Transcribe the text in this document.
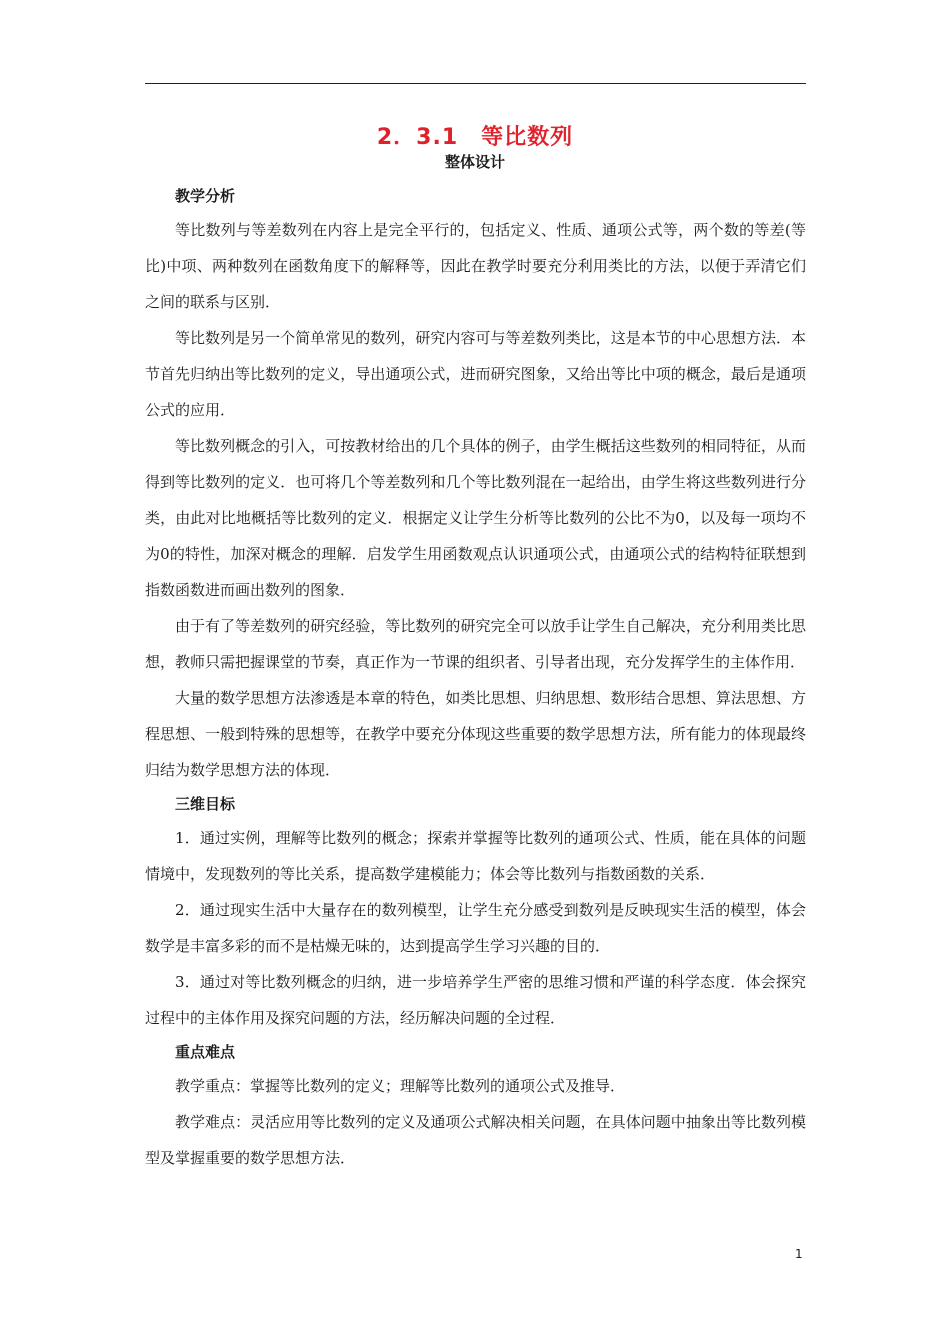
2．3.1　等比数列
整体设计

教学分析

等比数列与等差数列在内容上是完全平行的，包括定义、性质、通项公式等，两个数的等差(等比)中项、两种数列在函数角度下的解释等，因此在教学时要充分利用类比的方法，以便于弄清它们之间的联系与区别．

等比数列是另一个简单常见的数列，研究内容可与等差数列类比，这是本节的中心思想方法．本节首先归纳出等比数列的定义，导出通项公式，进而研究图象，又给出等比中项的概念，最后是通项公式的应用．

等比数列概念的引入，可按教材给出的几个具体的例子，由学生概括这些数列的相同特征，从而得到等比数列的定义．也可将几个等差数列和几个等比数列混在一起给出，由学生将这些数列进行分类，由此对比地概括等比数列的定义．根据定义让学生分析等比数列的公比不为0，以及每一项均不为0的特性，加深对概念的理解．启发学生用函数观点认识通项公式，由通项公式的结构特征联想到指数函数进而画出数列的图象．

由于有了等差数列的研究经验，等比数列的研究完全可以放手让学生自己解决，充分利用类比思想，教师只需把握课堂的节奏，真正作为一节课的组织者、引导者出现，充分发挥学生的主体作用．

大量的数学思想方法渗透是本章的特色，如类比思想、归纳思想、数形结合思想、算法思想、方程思想、一般到特殊的思想等，在教学中要充分体现这些重要的数学思想方法，所有能力的体现最终归结为数学思想方法的体现．

三维目标

1．通过实例，理解等比数列的概念；探索并掌握等比数列的通项公式、性质，能在具体的问题情境中，发现数列的等比关系，提高数学建模能力；体会等比数列与指数函数的关系．

2．通过现实生活中大量存在的数列模型，让学生充分感受到数列是反映现实生活的模型，体会数学是丰富多彩的而不是枯燥无味的，达到提高学生学习兴趣的目的．

3．通过对等比数列概念的归纳，进一步培养学生严密的思维习惯和严谨的科学态度．体会探究过程中的主体作用及探究问题的方法，经历解决问题的全过程．

重点难点

教学重点：掌握等比数列的定义；理解等比数列的通项公式及推导．

教学难点：灵活应用等比数列的定义及通项公式解决相关问题，在具体问题中抽象出等比数列模型及掌握重要的数学思想方法．

1
